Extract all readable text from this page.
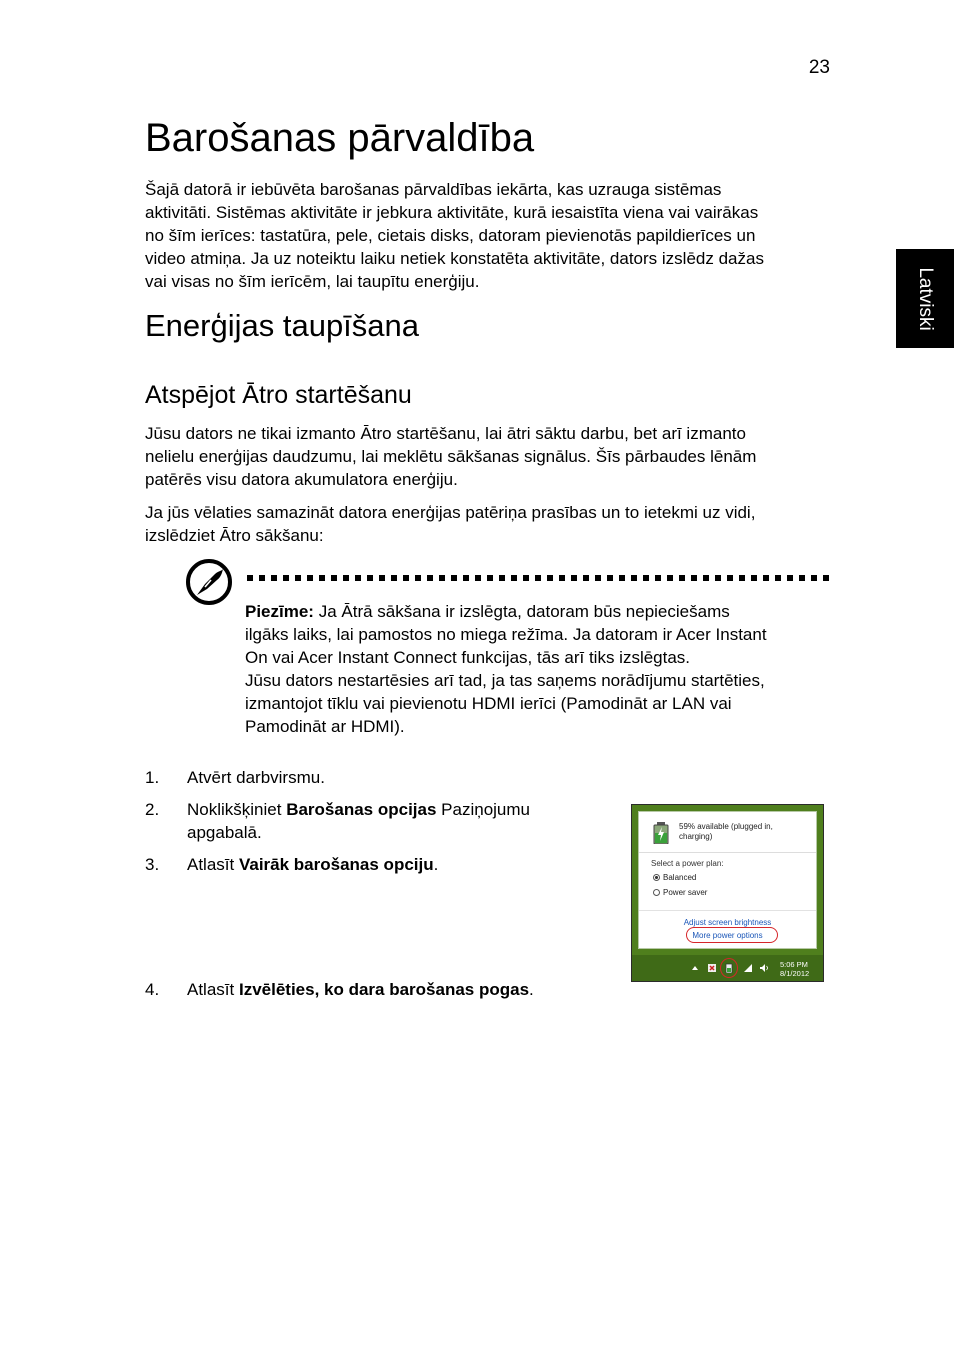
23
Latviski
Barošanas pārvaldība
Šajā datorā ir iebūvēta barošanas pārvaldības iekārta, kas uzrauga sistēmas
aktivitāti. Sistēmas aktivitāte ir jebkura aktivitāte, kurā iesaistīta viena vai vairākas
no šīm ierīces: tastatūra, pele, cietais disks, datoram pievienotās papildierīces un
video atmiņa. Ja uz noteiktu laiku netiek konstatēta aktivitāte, dators izslēdz dažas
vai visas no šīm ierīcēm, lai taupītu enerģiju.
Enerģijas taupīšana
Atspējot Ātro startēšanu
Jūsu dators ne tikai izmanto Ātro startēšanu, lai ātri sāktu darbu, bet arī izmanto
nelielu enerģijas daudzumu, lai meklētu sākšanas signālus. Šīs pārbaudes lēnām
patērēs visu datora akumulatora enerģiju.
Ja jūs vēlaties samazināt datora enerģijas patēriņa prasības un to ietekmi uz vidi,
izslēdziet Ātro sākšanu:
Piezīme: Ja Ātrā sākšana ir izslēgta, datoram būs nepieciešams
ilgāks laiks, lai pamostos no miega režīma. Ja datoram ir Acer Instant
On vai Acer Instant Connect funkcijas, tās arī tiks izslēgtas.
Jūsu dators nestartēsies arī tad, ja tas saņems norādījumu startēties,
izmantojot tīklu vai pievienotu HDMI ierīci (Pamodināt ar LAN vai
Pamodināt ar HDMI).
1.	Atvērt darbvirsmu.
2.	Noklikšķiniet Barošanas opcijas Paziņojumu
apgabalā.
3.	Atlasīt Vairāk barošanas opciju.
4.	Atlasīt Izvēlēties, ko dara barošanas pogas.
59% available (plugged in,
charging)
Select a power plan:
Balanced
Power saver
Adjust screen brightness
More power options
5:06 PM
8/1/2012
